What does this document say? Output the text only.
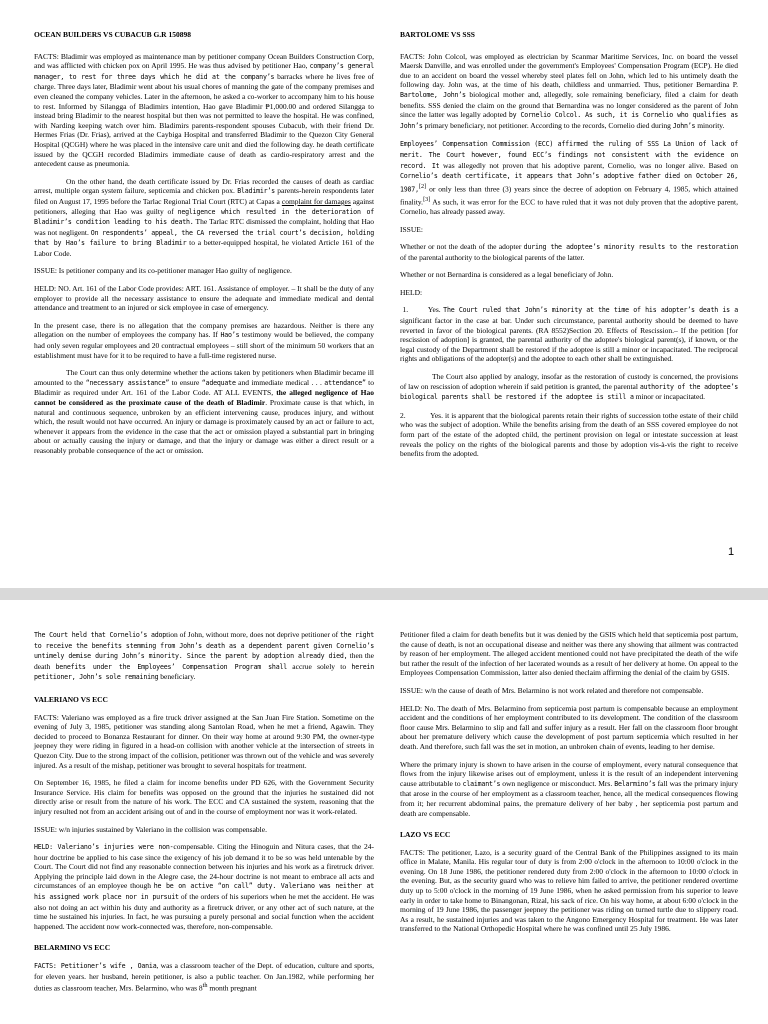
OCEAN BUILDERS VS CUBACUB G.R 150898

FACTS: Bladimir was employed as maintenance man by petitioner company Ocean Builders Construction Corp, and was afflicted with chicken pox on April 1995. He was thus advised by petitioner Hao, company’s general manager, to rest for three days which he did at the company’s barracks where he lives free of charge. Three days later, Bladimir went about his usual chores of manning the gate of the company premises and even cleaned the company vehicles. Later in the afternoon, he asked a co-worker to accompany him to his house to rest. Informed by Silangga of Bladimirs intention, Hao gave Bladimir ₱1,000.00 and ordered Silangga to instead bring Bladimir to the nearest hospital but then was not permitted to leave the hospital. He was confined, with Narding keeping watch over him. Bladimirs parents-respondent spouses Cubacub, with their friend Dr. Hermes Frias (Dr. Frias), arrived at the Caybiga Hospital and transferred Bladimir to the Quezon City General Hospital (QCGH) where he was placed in the intensive care unit and died the following day. he death certificate issued by the QCGH recorded Bladimirs immediate cause of death as cardio-respiratory arrest and the antecedent cause as pneumonia.

On the other hand, the death certificate issued by Dr. Frias recorded the causes of death as cardiac arrest, multiple organ system failure, septicemia and chicken pox. Bladimir’s parents-herein respondents later filed on August 17, 1995 before the Tarlac Regional Trial Court (RTC) at Capas a complaint for damages against petitioners, alleging that Hao was guilty of negligence which resulted in the deterioration of Bladimir’s condition leading to his death. The Tarlac RTC dismissed the complaint, holding that Hao was not negligent. On respondents’ appeal, the CA reversed the trial court’s decision, holding that by Hao’s failure to bring Bladimir to a better-equipped hospital, he violated Article 161 of the Labor Code.

ISSUE: Is petitioner company and its co-petitioner manager Hao guilty of negligence.

HELD: NO. Art. 161 of the Labor Code provides: ART. 161. Assistance of employer. – It shall be the duty of any employer to provide all the necessary assistance to ensure the adequate and immediate medical and dental attendance and treatment to an injured or sick employee in case of emergency.

In the present case, there is no allegation that the company premises are hazardous. Neither is there any allegation on the number of employees the company has. If Hao’s testimony would be believed, the company had only seven regular employees and 20 contractual employees – still short of the minimum 50 workers that an establishment must have for it to be required to have a full-time registered nurse.

The Court can thus only determine whether the actions taken by petitioners when Bladimir became ill amounted to the “necessary assistance” to ensure “adequate and immediate medical . . . attendance” to Bladimir as required under Art. 161 of the Labor Code. AT ALL EVENTS, the alleged negligence of Hao cannot be considered as the proximate cause of the death of Bladimir. Proximate cause is that which, in natural and continuous sequence, unbroken by an efficient intervening cause, produces injury, and without which, the result would not have occurred. An injury or damage is proximately caused by an act or failure to act, whenever it appears from the evidence in the case that the act or omission played a substantial part in bringing about or actually causing the injury or damage, and that the injury or damage was either a direct result or a reasonably probable consequence of the act or omission.

BARTOLOME VS SSS

FACTS: John Colcol, was employed as electrician by Scanmar Maritime Services, Inc. on board the vessel Maersk Danville, and was enrolled under the government's Employees' Compensation Program (ECP). He died due to an accident on board the vessel whereby steel plates fell on John, which led to his untimely death the following day. John was, at the time of his death, childless and unmarried. Thus, petitioner Bernardina P. Bartolome, John’s biological mother and, allegedly, sole remaining beneficiary, filed a claim for death benefits. SSS denied the claim on the ground that Bernardina was no longer considered as the parent of John since the latter was legally adopted by Cornelio Colcol. As such, it is Cornelio who qualifies as John’s primary beneficiary, not petitioner. According to the records, Cornelio died during John’s minority.

Employees’ Compensation Commission (ECC) affirmed the ruling of SSS La Union of lack of merit. The Court however, found ECC’s findings not consistent with the evidence on record. It was allegedly not proven that his adoptive parent, Cornelio, was no longer alive. Based on Cornelio’s death certificate, it appears that John’s adoptive father died on October 26, 1987,[2] or only less than three (3) years since the decree of adoption on February 4, 1985, which attained finality.[3] As such, it was error for the ECC to have ruled that it was not duly proven that the adoptive parent, Cornelio, has already passed away.

ISSUE:

Whether or not the death of the adopter during the adoptee’s minority results to the restoration of the parental authority to the biological parents of the latter.

Whether or not Bernardina is considered as a legal beneficiary of John.

HELD:

1.	Yes. The Court ruled that John’s minority at the time of his adopter’s death is a significant factor in the case at bar. Under such circumstance, parental authority should be deemed to have reverted in favor of the biological parents. (RA 8552)Section 20. Effects of Rescission.– If the petition [for rescission of adoption] is granted, the parental authority of the adoptee's biological parent(s), if known, or the legal custody of the Department shall be restored if the adoptee is still a minor or incapacitated. The reciprocal rights and obligations of the adopter(s) and the adoptee to each other shall be extinguished.

The Court also applied by analogy, insofar as the restoration of custody is concerned, the provisions of law on rescission of adoption wherein if said petition is granted, the parental authority of the adoptee’s biological parents shall be restored if the adoptee is still a minor or incapacitated.

2.	Yes. it is apparent that the biological parents retain their rights of succession tothe estate of their child who was the subject of adoption. While the benefits arising from the death of an SSS covered employee do not form part of the estate of the adopted child, the pertinent provision on legal or intestate succession at least reveals the policy on the rights of the biological parents and those by adoption vis-à-vis the right to receive benefits from the adopted.

1

The Court held that Cornelio’s adoption of John, without more, does not deprive petitioner of the right to receive the benefits stemming from John’s death as a dependent parent given Cornelio’s untimely demise during John’s minority. Since the parent by adoption already died, then the death benefits under the Employees’ Compensation Program shall accrue solely to herein petitioner, John’s sole remaining beneficiary.

VALERIANO VS ECC

FACTS: Valeriano was employed as a fire truck driver assigned at the San Juan Fire Station. Sometime on the evening of July 3, 1985, petitioner was standing along Santolan Road, when he met a friend, Agawin. They decided to proceed to Bonanza Restaurant for dinner. On their way home at around 9:30 PM, the owner-type jeepney they were riding in figured in a head-on collision with another vehicle at the intersection of streets in Quezon City. Due to the strong impact of the collision, petitioner was thrown out of the vehicle and was severely injured. As a result of the mishap, petitioner was brought to several hospitals for treatment.

On September 16, 1985, he filed a claim for income benefits under PD 626, with the Government Security Insurance Service. His claim for benefits was opposed on the ground that the injuries he sustained did not directly arise or result from the nature of his work. The ECC and CA sustained the system, reasoning that the injury resulted not from an accident arising out of and in the course of employment nor was it work-related.

ISSUE: w/n injuries sustained by Valeriano in the collision was compensable.

HELD: Valeriano’s injuries were non-compensable. Citing the Hinoguin and Nitura cases, that the 24-hour doctrine be applied to his case since the exigency of his job demand it to be so was held untenable by the Court. The Court did not find any reasonable connection between his injuries and his work as a firetruck driver. Applying the principle laid down in the Alegre case, the 24-hour doctrine is not meant to embrace all acts and circumstances of an employee though he be on active “on call” duty. Valeriano was neither at his assigned work place nor in pursuit of the orders of his superiors when he met the accident. He was also not doing an act within his duty and authority as a firetruck driver, or any other act of such nature, at the time he sustained his injuries. In fact, he was pursuing a purely personal and social function when the accident happened. The accident now work-connected was, therefore, non-compensable.

BELARMINO VS ECC

FACTS: Petitioner’s wife , Oania, was a classroom teacher of the Dept. of education, culture and sports, for eleven years. her husband, herein petitioner, is also a public teacher. On Jan.1982, while performing her duties as classroom teacher, Mrs. Belarmino, who was 8th month pregnant

Petitioner filed a claim for death benefits but it was denied by the GSIS which held that septicemia post partum, the cause of death, is not an occupational disease and neither was there any showing that ailment was contracted by reason of her employment. The alleged accident mentioned could not have precipitated the death of the wife but rather the result of the infection of her lacerated wounds as a result of her delivery at home. On appeal to the Employees Compensation Commission, latter also denied theclaim affirming the denial of the claim by GSIS.

ISSUE: w/n the cause of death of Mrs. Belarmino is not work related and therefore not compensable.

HELD: No. The death of Mrs. Belarmino from septicemia post partum is compensable because an employment accident and the conditions of her employment contributed to its development. The condition of the classroom floor cause Mrs. Belarmino to slip and fall and suffer injury as a result. Her fall on the classroom floor brought about her premature delivery which cause the development of post partum septicemia which resulted in her death. And therefore, such fall was the set in motion, an unbroken chain of events, leading to her demise.

Where the primary injury is shown to have arisen in the course of employment, every natural consequence that flows from the injury likewise arises out of employment, unless it is the result of an independent intervening cause attributable to claimant’s own negligence or misconduct. Mrs. Belarmino’s fall was the primary injury that arose in the course of her employment as a classroom teacher, hence, all the medical consequences flowing from it; her recurrent abdominal pains, the premature delivery of her baby , her septicemia post partum and death are compensable.

LAZO VS ECC

FACTS: The petitioner, Lazo, is a security guard of the Central Bank of the Philippines assigned to its main office in Malate, Manila. His regular tour of duty is from 2:00 o'clock in the afternoon to 10:00 o'clock in the evening. On 18 June 1986, the petitioner rendered duty from 2:00 o'clock in the afternoon to 10:00 o'clock in the evening. But, as the security guard who was to relieve him failed to arrive, the petitioner rendered overtime duty up to 5:00 o'clock in the morning of 19 June 1986, when he asked permission from his superior to leave early in order to take home to Binangonan, Rizal, his sack of rice. On his way home, at about 6:00 o'clock in the morning of 19 June 1986, the passenger jeepney the petitioner was riding on turned turtle due to slippery road. As a result, he sustained injuries and was taken to the Angono Emergency Hospital for treatment. He was later transferred to the National Orthopedic Hospital where he was confined until 25 July 1986.
